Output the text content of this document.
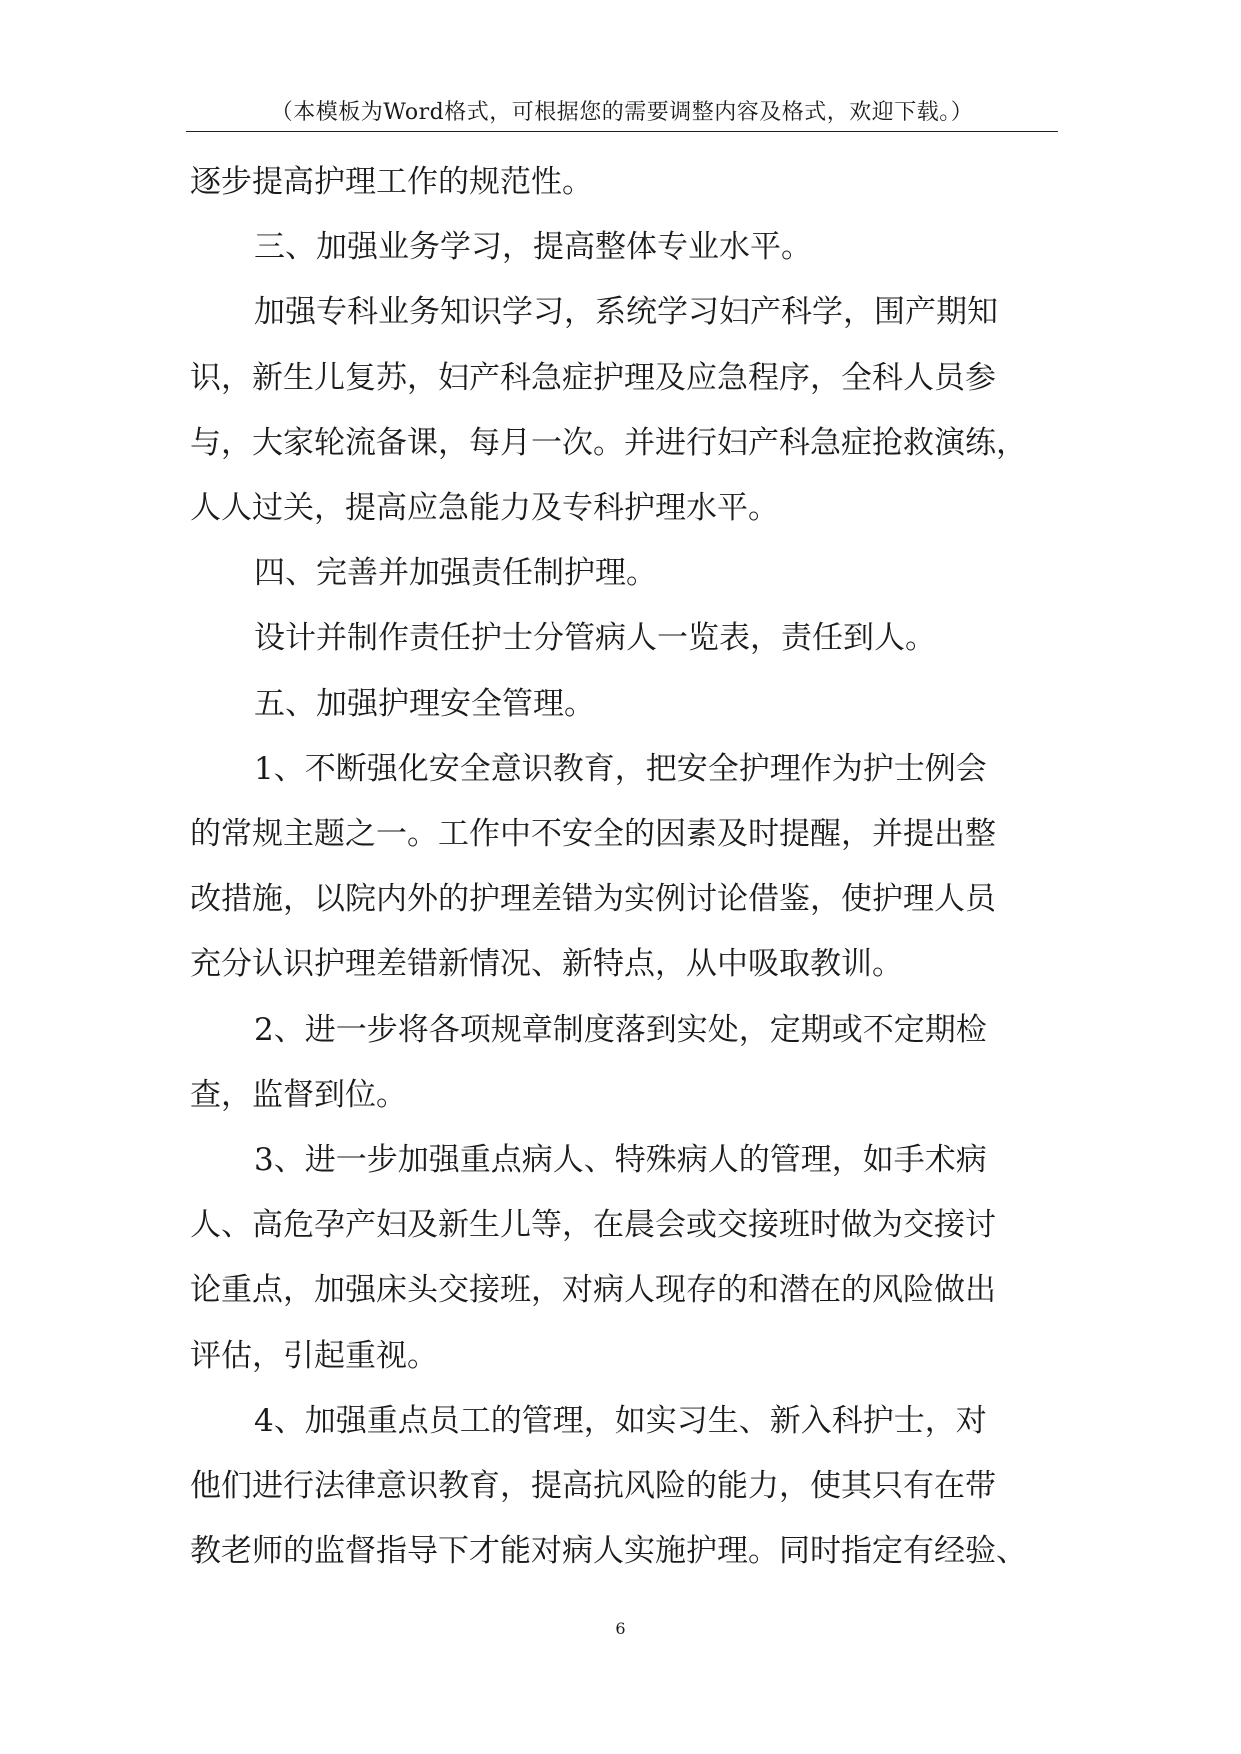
（本模板为Word格式，可根据您的需要调整内容及格式，欢迎下载。）

逐步提高护理工作的规范性。

三、加强业务学习，提高整体专业水平。

加强专科业务知识学习，系统学习妇产科学，围产期知

识，新生儿复苏，妇产科急症护理及应急程序，全科人员参

与，大家轮流备课，每月一次。并进行妇产科急症抢救演练，

人人过关，提高应急能力及专科护理水平。

四、完善并加强责任制护理。

设计并制作责任护士分管病人一览表，责任到人。

五、加强护理安全管理。

1、不断强化安全意识教育，把安全护理作为护士例会

的常规主题之一。工作中不安全的因素及时提醒，并提出整

改措施，以院内外的护理差错为实例讨论借鉴，使护理人员

充分认识护理差错新情况、新特点，从中吸取教训。

2、进一步将各项规章制度落到实处，定期或不定期检

查，监督到位。

3、进一步加强重点病人、特殊病人的管理，如手术病

人、高危孕产妇及新生儿等，在晨会或交接班时做为交接讨

论重点，加强床头交接班，对病人现存的和潜在的风险做出

评估，引起重视。

4、加强重点员工的管理，如实习生、新入科护士，对

他们进行法律意识教育，提高抗风险的能力，使其只有在带

教老师的监督指导下才能对病人实施护理。同时指定有经验、

6
